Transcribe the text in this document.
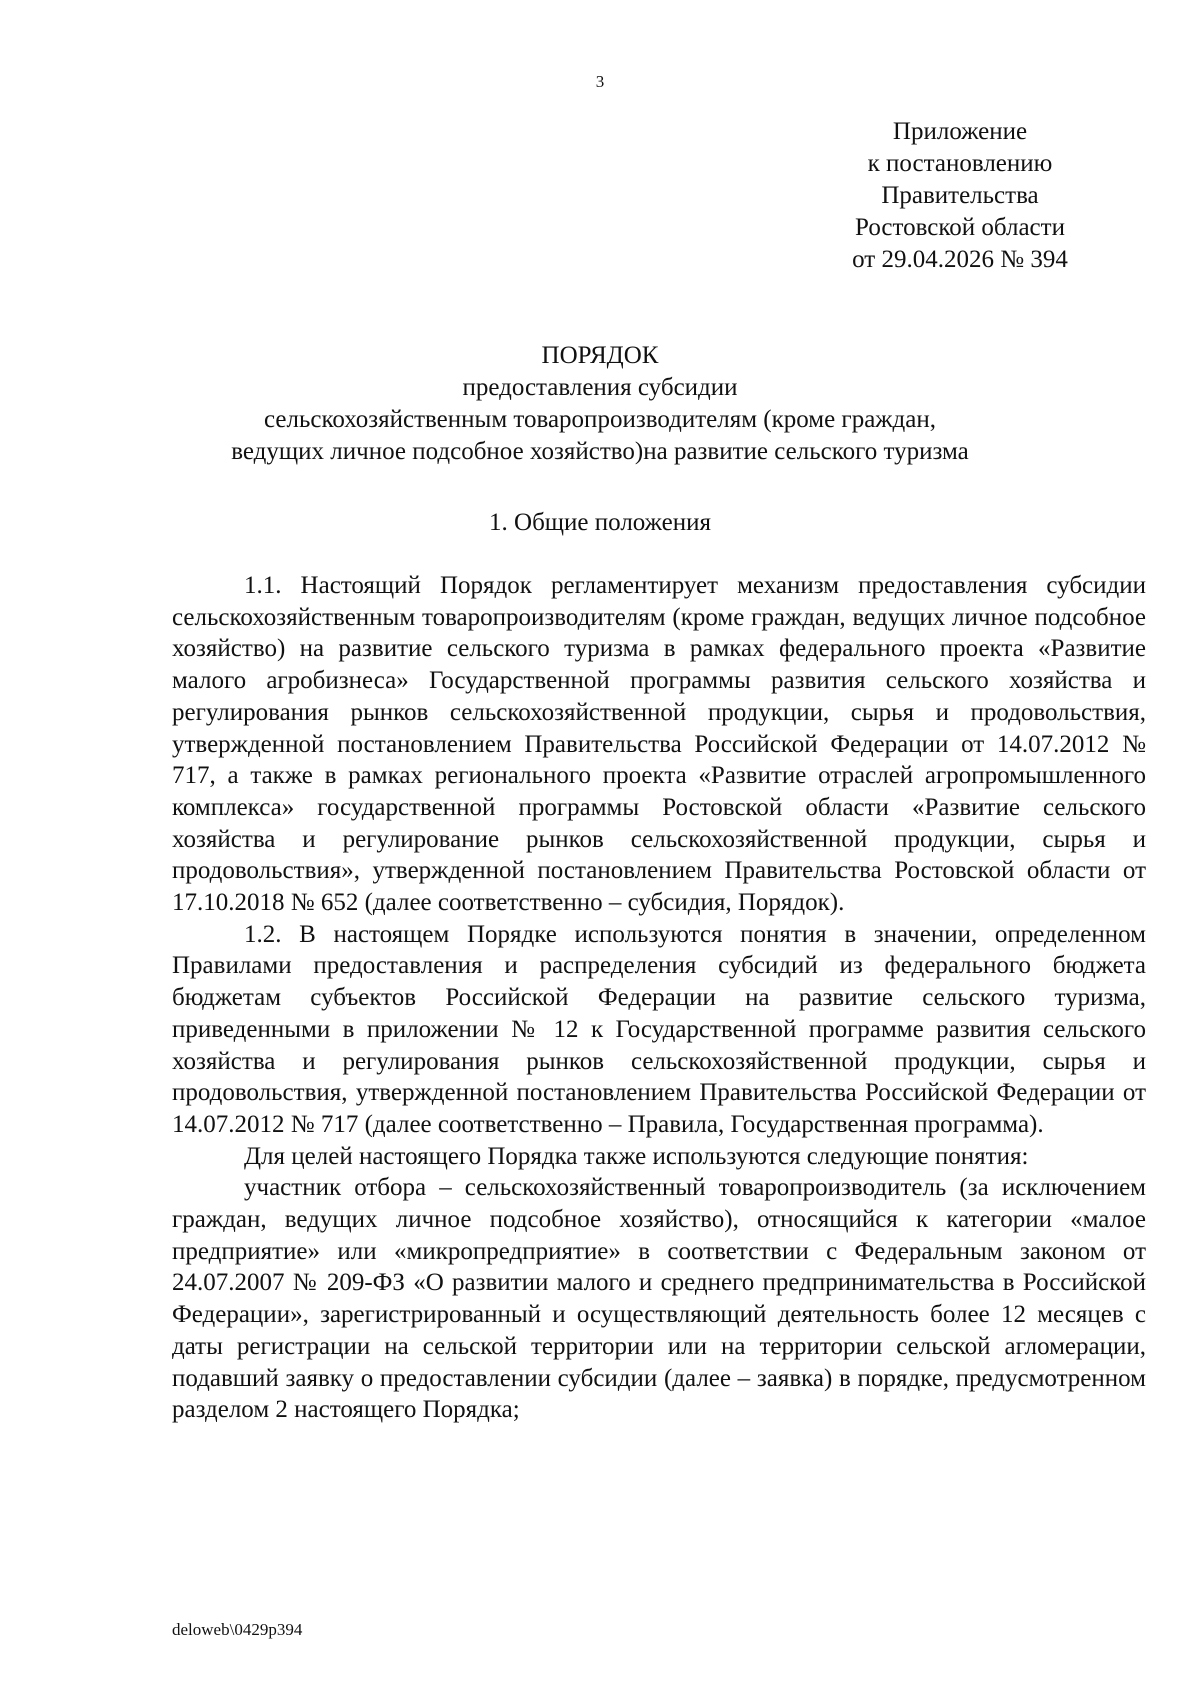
3
Приложение
к постановлению
Правительства
Ростовской области
от 29.04.2026 № 394
ПОРЯДОК
предоставления субсидии
сельскохозяйственным товаропроизводителям (кроме граждан,
ведущих личное подсобное хозяйство)на развитие сельского туризма
1. Общие положения

1.1. Настоящий Порядок регламентирует механизм предоставления субсидии сельскохозяйственным товаропроизводителям (кроме граждан, ведущих личное подсобное хозяйство) на развитие сельского туризма в рамках федерального проекта «Развитие малого агробизнеса» Государственной программы развития сельского хозяйства и регулирования рынков сельскохозяйственной продукции, сырья и продовольствия, утвержденной постановлением Правительства Российской Федерации от 14.07.2012 № 717, а также в рамках регионального проекта «Развитие отраслей агропромышленного комплекса» государственной программы Ростовской области «Развитие сельского хозяйства и регулирование рынков сельскохозяйственной продукции, сырья и продовольствия», утвержденной постановлением Правительства Ростовской области от 17.10.2018 № 652 (далее соответственно – субсидия, Порядок).

1.2. В настоящем Порядке используются понятия в значении, определенном Правилами предоставления и распределения субсидий из федерального бюджета бюджетам субъектов Российской Федерации на развитие сельского туризма, приведенными в приложении № 12 к Государственной программе развития сельского хозяйства и регулирования рынков сельскохозяйственной продукции, сырья и продовольствия, утвержденной постановлением Правительства Российской Федерации от 14.07.2012 № 717 (далее соответственно – Правила, Государственная программа).

Для целей настоящего Порядка также используются следующие понятия:

участник отбора – сельскохозяйственный товаропроизводитель (за исключением граждан, ведущих личное подсобное хозяйство), относящийся к категории «малое предприятие» или «микропредприятие» в соответствии с Федеральным законом от 24.07.2007 № 209-ФЗ «О развитии малого и среднего предпринимательства в Российской Федерации», зарегистрированный и осуществляющий деятельность более 12 месяцев с даты регистрации на сельской территории или на территории сельской агломерации, подавший заявку о предоставлении субсидии (далее – заявка) в порядке, предусмотренном разделом 2 настоящего Порядка;

deloweb\0429p394
